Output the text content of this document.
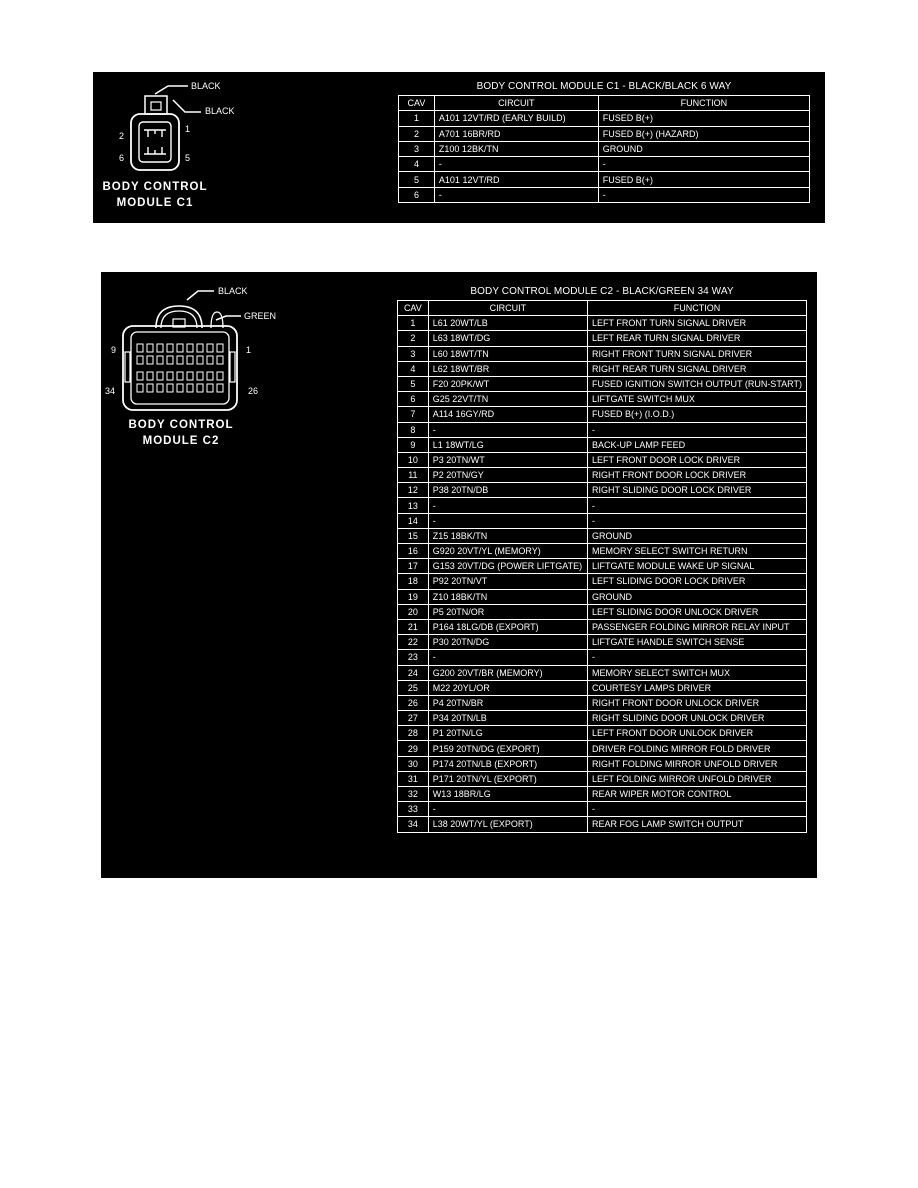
BLACK
BLACK
2
1
6	5
BODY CONTROL
MODULE C1
BODY CONTROL MODULE C1 - BLACK/BLACK 6 WAY
CAV	CIRCUIT	FUNCTION
1	A101 12VT/RD (EARLY BUILD)	FUSED B(+)
2	A701 16BR/RD	FUSED B(+) (HAZARD)
3	Z100 12BK/TN	GROUND
4	-	-
5	A101 12VT/RD	FUSED B(+)
6	-	-
BLACK
GREEN
9	1
34	26
BODY CONTROL
MODULE C2
BODY CONTROL MODULE C2 - BLACK/GREEN 34 WAY
CAV	CIRCUIT	FUNCTION
1	L61 20WT/LB	LEFT FRONT TURN SIGNAL DRIVER
2	L63 18WT/DG	LEFT REAR TURN SIGNAL DRIVER
3	L60 18WT/TN	RIGHT FRONT TURN SIGNAL DRIVER
4	L62 18WT/BR	RIGHT REAR TURN SIGNAL DRIVER
5	F20 20PK/WT	FUSED IGNITION SWITCH OUTPUT (RUN-START)
6	G25 22VT/TN	LIFTGATE SWITCH MUX
7	A114 16GY/RD	FUSED B(+) (I.O.D.)
8	-	-
9	L1 18WT/LG	BACK-UP LAMP FEED
10	P3 20TN/WT	LEFT FRONT DOOR LOCK DRIVER
11	P2 20TN/GY	RIGHT FRONT DOOR LOCK DRIVER
12	P38 20TN/DB	RIGHT SLIDING DOOR LOCK DRIVER
13	-	-
14	-	-
15	Z15 18BK/TN	GROUND
16	G920 20VT/YL (MEMORY)	MEMORY SELECT SWITCH RETURN
17	G153 20VT/DG (POWER LIFTGATE)	LIFTGATE MODULE WAKE UP SIGNAL
18	P92 20TN/VT	LEFT SLIDING DOOR LOCK DRIVER
19	Z10 18BK/TN	GROUND
20	P5 20TN/OR	LEFT SLIDING DOOR UNLOCK DRIVER
21	P164 18LG/DB (EXPORT)	PASSENGER FOLDING MIRROR RELAY INPUT
22	P30 20TN/DG	LIFTGATE HANDLE SWITCH SENSE
23	-	-
24	G200 20VT/BR (MEMORY)	MEMORY SELECT SWITCH MUX
25	M22 20YL/OR	COURTESY LAMPS DRIVER
26	P4 20TN/BR	RIGHT FRONT DOOR UNLOCK DRIVER
27	P34 20TN/LB	RIGHT SLIDING DOOR UNLOCK DRIVER
28	P1 20TN/LG	LEFT FRONT DOOR UNLOCK DRIVER
29	P159 20TN/DG (EXPORT)	DRIVER FOLDING MIRROR FOLD DRIVER
30	P174 20TN/LB (EXPORT)	RIGHT FOLDING MIRROR UNFOLD DRIVER
31	P171 20TN/YL (EXPORT)	LEFT FOLDING MIRROR UNFOLD DRIVER
32	W13 18BR/LG	REAR WIPER MOTOR CONTROL
33	-	-
34	L38 20WT/YL (EXPORT)	REAR FOG LAMP SWITCH OUTPUT
